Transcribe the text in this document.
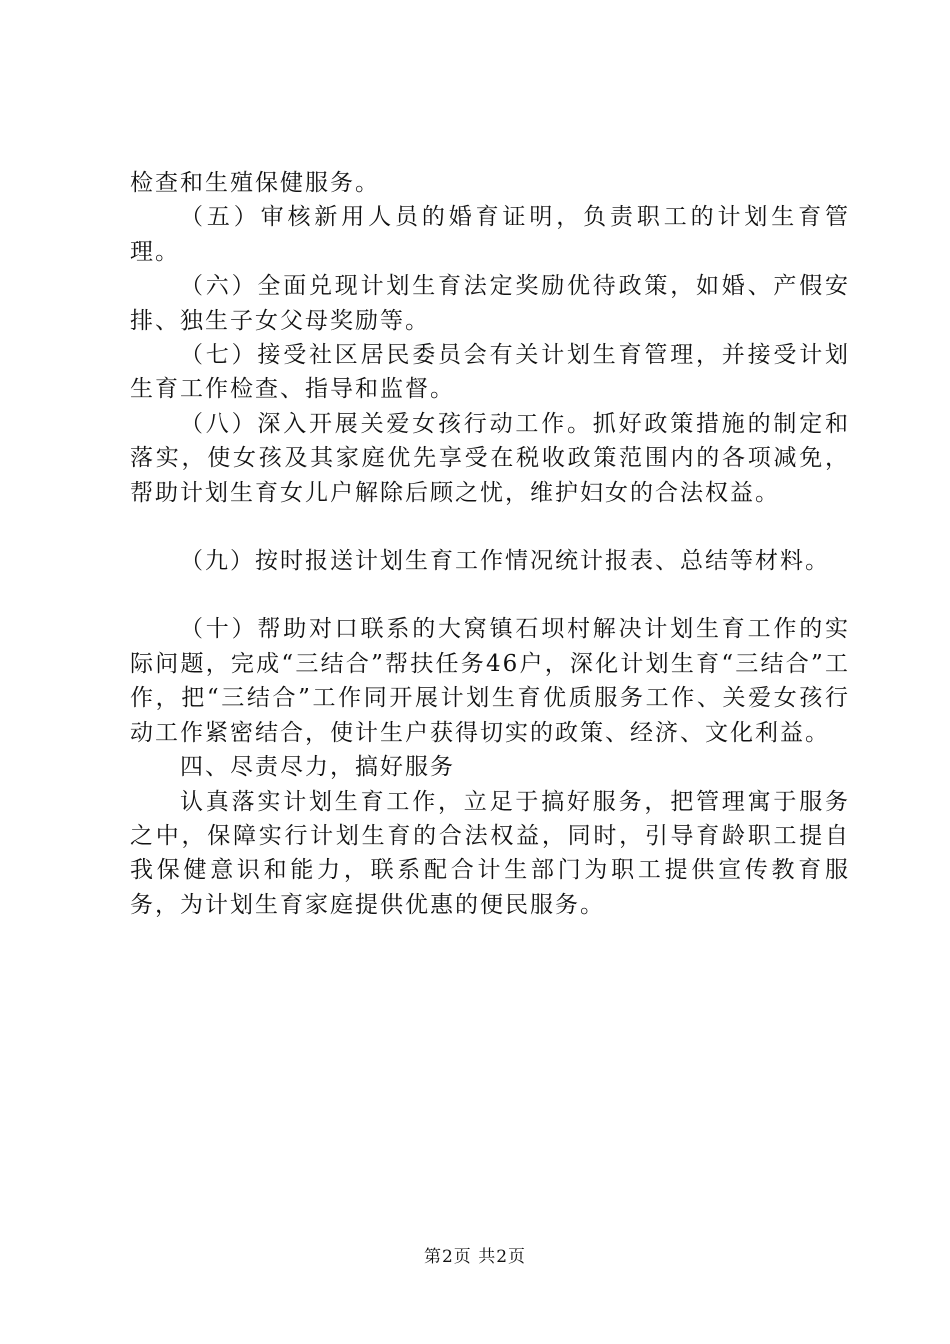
检查和生殖保健服务。

（五）审核新用人员的婚育证明，负责职工的计划生育管理。

（六）全面兑现计划生育法定奖励优待政策，如婚、产假安排、独生子女父母奖励等。

（七）接受社区居民委员会有关计划生育管理，并接受计划生育工作检查、指导和监督。

（八）深入开展关爱女孩行动工作。抓好政策措施的制定和落实，使女孩及其家庭优先享受在税收政策范围内的各项减免，帮助计划生育女儿户解除后顾之忧，维护妇女的合法权益。

（九）按时报送计划生育工作情况统计报表、总结等材料。

（十）帮助对口联系的大窝镇石坝村解决计划生育工作的实际问题，完成“三结合”帮扶任务46户，深化计划生育“三结合”工作，把“三结合”工作同开展计划生育优质服务工作、关爱女孩行动工作紧密结合，使计生户获得切实的政策、经济、文化利益。

四、尽责尽力，搞好服务

认真落实计划生育工作，立足于搞好服务，把管理寓于服务之中，保障实行计划生育的合法权益，同时，引导育龄职工提自我保健意识和能力，联系配合计生部门为职工提供宣传教育服务，为计划生育家庭提供优惠的便民服务。

第2页 共2页
